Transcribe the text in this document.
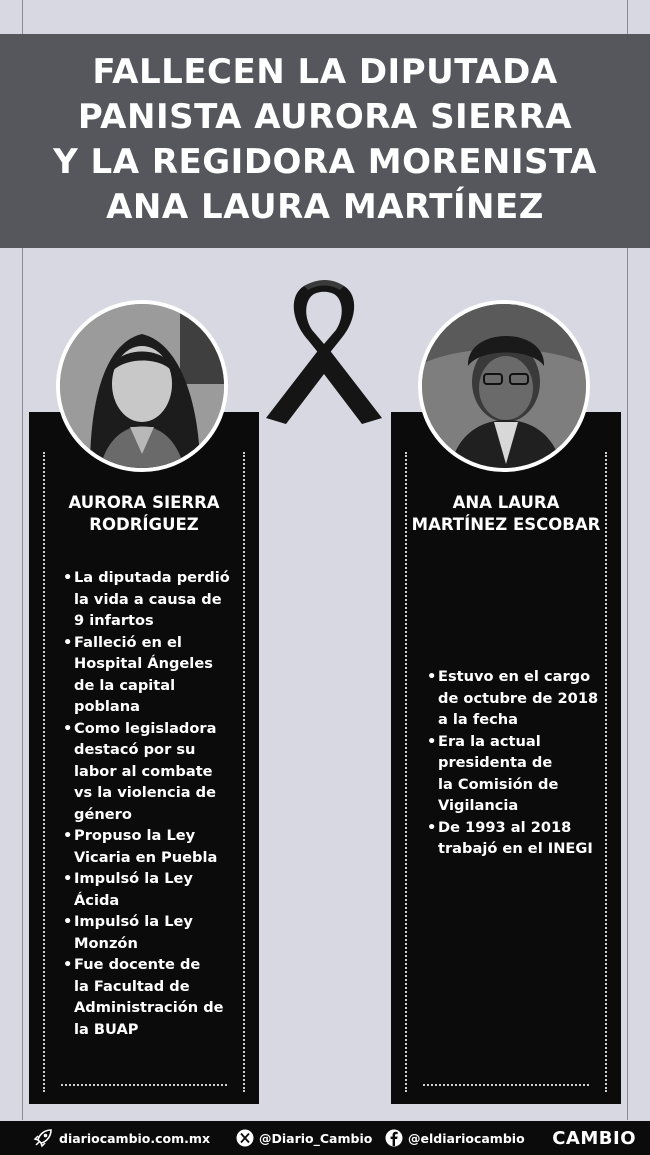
FALLECEN LA DIPUTADA
PANISTA AURORA SIERRA
Y LA REGIDORA MORENISTA
ANA LAURA MARTÍNEZ
AURORA SIERRA
RODRÍGUEZ
• La diputada perdió
la vida a causa de
9 infartos
• Falleció en el
Hospital Ángeles
de la capital
poblana
• Como legisladora
destacó por su
labor al combate
vs la violencia de
género
• Propuso la Ley
Vicaria en Puebla
• Impulsó la Ley
Ácida
• Impulsó la Ley
Monzón
• Fue docente de
la Facultad de
Administración de
la BUAP
ANA LAURA
MARTÍNEZ ESCOBAR
• Estuvo en el cargo
de octubre de 2018
a la fecha
• Era la actual
presidenta de
la Comisión de
Vigilancia
• De 1993 al 2018
trabajó en el INEGI
diariocambio.com.mx	@Diario_Cambio	@eldiariocambio CAMBIO
